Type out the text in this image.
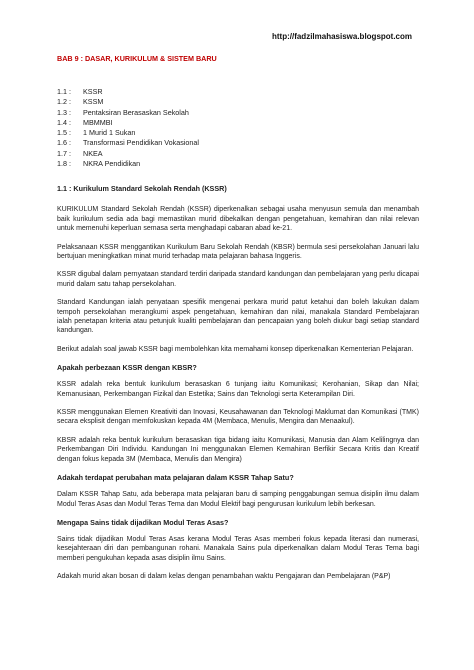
http://fadzilmahasiswa.blogspot.com
BAB 9 : DASAR, KURIKULUM & SISTEM BARU
1.1 : KSSR
1.2 : KSSM
1.3 : Pentaksiran Berasaskan Sekolah
1.4 : MBMMBI
1.5 : 1 Murid 1 Sukan
1.6 : Transformasi Pendidikan Vokasional
1.7 : NKEA
1.8 : NKRA Pendidikan
1.1 : Kurikulum Standard Sekolah Rendah (KSSR)

KURIKULUM Standard Sekolah Rendah (KSSR) diperkenalkan sebagai usaha menyusun semula dan menambah baik kurikulum sedia ada bagi memastikan murid dibekalkan dengan pengetahuan, kemahiran dan nilai relevan untuk memenuhi keperluan semasa serta menghadapi cabaran abad ke-21.

Pelaksanaan KSSR menggantikan Kurikulum Baru Sekolah Rendah (KBSR) bermula sesi persekolahan Januari lalu bertujuan meningkatkan minat murid terhadap mata pelajaran bahasa Inggeris.

KSSR digubal dalam pernyataan standard terdiri daripada standard kandungan dan pembelajaran yang perlu dicapai murid dalam satu tahap persekolahan.

Standard Kandungan ialah penyataan spesifik mengenai perkara murid patut ketahui dan boleh lakukan dalam tempoh persekolahan merangkumi aspek pengetahuan, kemahiran dan nilai, manakala Standard Pembelajaran ialah penetapan kriteria atau petunjuk kualiti pembelajaran dan pencapaian yang boleh diukur bagi setiap standard kandungan.

Berikut adalah soal jawab KSSR bagi membolehkan kita memahami konsep diperkenalkan Kementerian Pelajaran.

Apakah perbezaan KSSR dengan KBSR?

KSSR adalah reka bentuk kurikulum berasaskan 6 tunjang iaitu Komunikasi; Kerohanian, Sikap dan Nilai; Kemanusiaan, Perkembangan Fizikal dan Estetika; Sains dan Teknologi serta Keterampilan Diri.

KSSR menggunakan Elemen Kreativiti dan Inovasi, Keusahawanan dan Teknologi Maklumat dan Komunikasi (TMK) secara eksplisit dengan memfokuskan kepada 4M (Membaca, Menulis, Mengira dan Menaakul).

KBSR adalah reka bentuk kurikulum berasaskan tiga bidang iaitu Komunikasi, Manusia dan Alam Kelilingnya dan Perkembangan Diri Individu. Kandungan Ini menggunakan Elemen Kemahiran Berfikir Secara Kritis dan Kreatif dengan fokus kepada 3M (Membaca, Menulis dan Mengira)

Adakah terdapat perubahan mata pelajaran dalam KSSR Tahap Satu?

Dalam KSSR Tahap Satu, ada beberapa mata pelajaran baru di samping penggabungan semua disiplin ilmu dalam Modul Teras Asas dan Modul Teras Tema dan Modul Elektif bagi pengurusan kurikulum lebih berkesan.

Mengapa Sains tidak dijadikan Modul Teras Asas?

Sains tidak dijadikan Modul Teras Asas kerana Modul Teras Asas memberi fokus kepada literasi dan numerasi, kesejahteraan diri dan pembangunan rohani. Manakala Sains pula diperkenalkan dalam Modul Teras Tema bagi memberi pengukuhan kepada asas disiplin ilmu Sains.

Adakah murid akan bosan di dalam kelas dengan penambahan waktu Pengajaran dan Pembelajaran (P&P)
